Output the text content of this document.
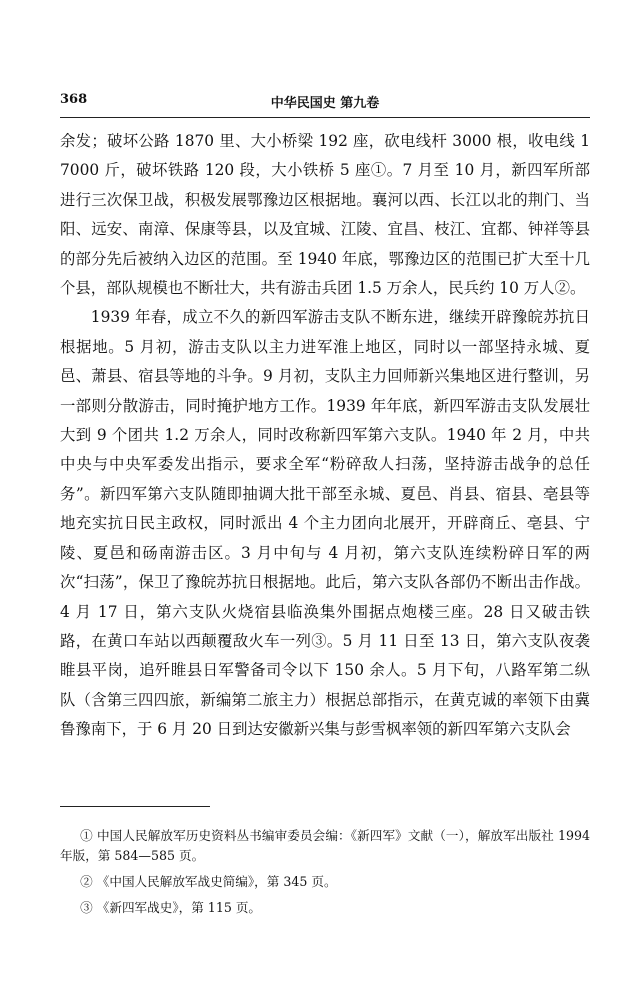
368	中华民国史 第九卷

余发；破坏公路 1870 里、大小桥梁 192 座，砍电线杆 3000 根，收电线 17000 斤，破坏铁路 120 段，大小铁桥 5 座①。7 月至 10 月，新四军所部进行三次保卫战，积极发展鄂豫边区根据地。襄河以西、长江以北的荆门、当阳、远安、南漳、保康等县，以及宜城、江陵、宜昌、枝江、宜都、钟祥等县的部分先后被纳入边区的范围。至 1940 年底，鄂豫边区的范围已扩大至十几个县，部队规模也不断壮大，共有游击兵团 1.5 万余人，民兵约 10 万人②。

1939 年春，成立不久的新四军游击支队不断东进，继续开辟豫皖苏抗日根据地。5 月初，游击支队以主力进军淮上地区，同时以一部坚持永城、夏邑、萧县、宿县等地的斗争。9 月初，支队主力回师新兴集地区进行整训，另一部则分散游击，同时掩护地方工作。1939 年年底，新四军游击支队发展壮大到 9 个团共 1.2 万余人，同时改称新四军第六支队。1940 年 2 月，中共中央与中央军委发出指示，要求全军“粉碎敌人扫荡，坚持游击战争的总任务”。新四军第六支队随即抽调大批干部至永城、夏邑、肖县、宿县、亳县等地充实抗日民主政权，同时派出 4 个主力团向北展开，开辟商丘、亳县、宁陵、夏邑和砀南游击区。3 月中旬与 4 月初，第六支队连续粉碎日军的两次“扫荡”，保卫了豫皖苏抗日根据地。此后，第六支队各部仍不断出击作战。4 月 17 日，第六支队火烧宿县临涣集外围据点炮楼三座。28 日又破击铁路，在黄口车站以西颠覆敌火车一列③。5 月 11 日至 13 日，第六支队夜袭睢县平岗，追歼睢县日军警备司令以下 150 余人。5 月下旬，八路军第二纵队（含第三四四旅，新编第二旅主力）根据总部指示，在黄克诚的率领下由冀鲁豫南下，于 6 月 20 日到达安徽新兴集与彭雪枫率领的新四军第六支队会

① 中国人民解放军历史资料丛书编审委员会编：《新四军》文献（一），解放军出版社 1994 年版，第 584—585 页。

② 《中国人民解放军战史简编》，第 345 页。

③ 《新四军战史》，第 115 页。
